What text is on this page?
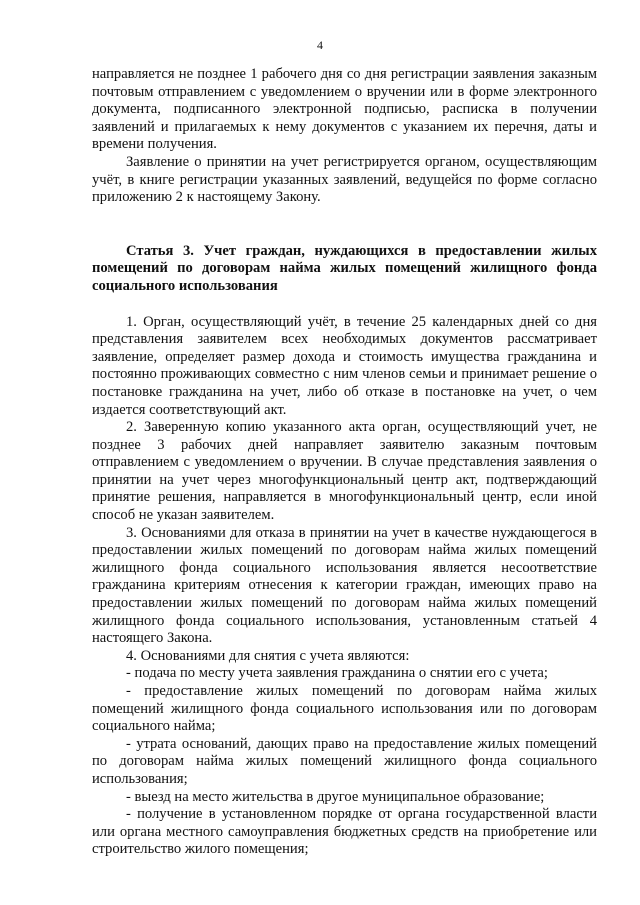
4

направляется не позднее 1 рабочего дня со дня регистрации заявления заказным почтовым отправлением с уведомлением о вручении или в форме электронного документа, подписанного электронной подписью, расписка в получении заявлений и прилагаемых к нему документов с указанием их перечня, даты и времени получения.

Заявление о принятии на учет регистрируется органом, осуществляющим учёт, в книге регистрации указанных заявлений, ведущейся по форме согласно приложению 2 к настоящему Закону.

Статья 3. Учет граждан, нуждающихся в предоставлении жилых помещений по договорам найма жилых помещений жилищного фонда социального использования

1. Орган, осуществляющий учёт, в течение 25 календарных дней со дня представления заявителем всех необходимых документов рассматривает заявление, определяет размер дохода и стоимость имущества гражданина и постоянно проживающих совместно с ним членов семьи и принимает решение о постановке гражданина на учет, либо об отказе в постановке на учет, о чем издается соответствующий акт.

2. Заверенную копию указанного акта орган, осуществляющий учет, не позднее 3 рабочих дней направляет заявителю заказным почтовым отправлением с уведомлением о вручении. В случае представления заявления о принятии на учет через многофункциональный центр акт, подтверждающий принятие решения, направляется в многофункциональный центр, если иной способ не указан заявителем.

3. Основаниями для отказа в принятии на учет в качестве нуждающегося в предоставлении жилых помещений по договорам найма жилых помещений жилищного фонда социального использования является несоответствие гражданина критериям отнесения к категории граждан, имеющих право на предоставлении жилых помещений по договорам найма жилых помещений жилищного фонда социального использования, установленным статьей 4 настоящего Закона.

4. Основаниями для снятия с учета являются:

- подача по месту учета заявления гражданина о снятии его с учета;

- предоставление жилых помещений по договорам найма жилых помещений жилищного фонда социального использования или по договорам социального найма;

- утрата оснований, дающих право на предоставление жилых помещений по договорам найма жилых помещений жилищного фонда социального использования;

- выезд на место жительства в другое муниципальное образование;

- получение в установленном порядке от органа государственной власти или органа местного самоуправления бюджетных средств на приобретение или строительство жилого помещения;
